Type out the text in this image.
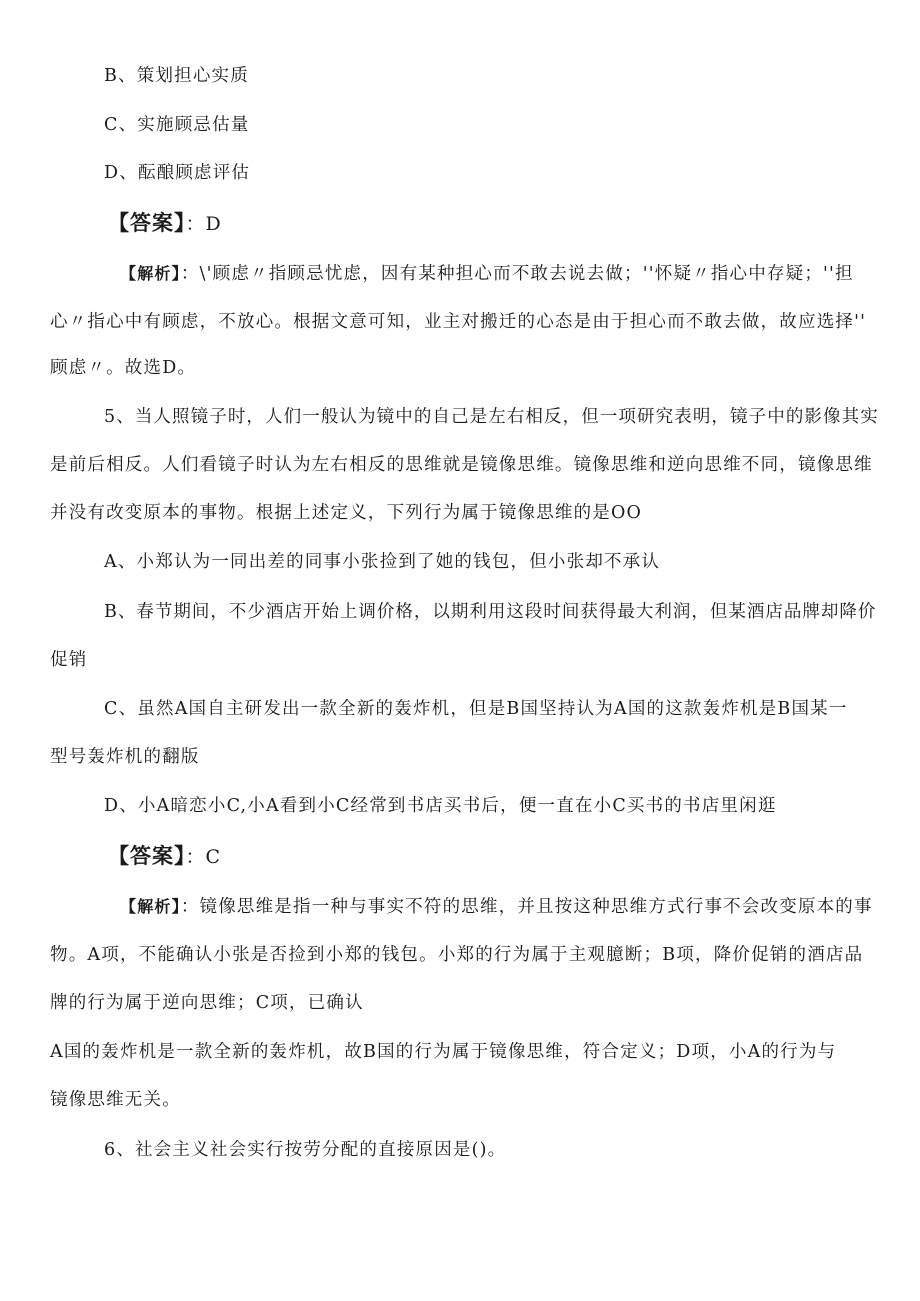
B、策划担心实质
C、实施顾忌估量
D、酝酿顾虑评估
【答案】：D
【解析】：\'顾虑〃指顾忌忧虑，因有某种担心而不敢去说去做；''怀疑〃指心中存疑；''担
心〃指心中有顾虑，不放心。根据文意可知，业主对搬迁的心态是由于担心而不敢去做，故应选择''
顾虑〃。故选D。
5、当人照镜子时，人们一般认为镜中的自己是左右相反，但一项研究表明，镜子中的影像其实
是前后相反。人们看镜子时认为左右相反的思维就是镜像思维。镜像思维和逆向思维不同，镜像思维
并没有改变原本的事物。根据上述定义，下列行为属于镜像思维的是OO
A、小郑认为一同出差的同事小张捡到了她的钱包，但小张却不承认
B、春节期间，不少酒店开始上调价格，以期利用这段时间获得最大利润，但某酒店品牌却降价
促销
C、虽然A国自主研发出一款全新的轰炸机，但是B国坚持认为A国的这款轰炸机是B国某一
型号轰炸机的翻版
D、小A暗恋小C,小A看到小C经常到书店买书后，便一直在小C买书的书店里闲逛
【答案】：C
【解析】：镜像思维是指一种与事实不符的思维，并且按这种思维方式行事不会改变原本的事
物。A项，不能确认小张是否捡到小郑的钱包。小郑的行为属于主观臆断；B项，降价促销的酒店品
牌的行为属于逆向思维；C项，已确认
A国的轰炸机是一款全新的轰炸机，故B国的行为属于镜像思维，符合定义；D项，小A的行为与
镜像思维无关。
6、社会主义社会实行按劳分配的直接原因是()。
